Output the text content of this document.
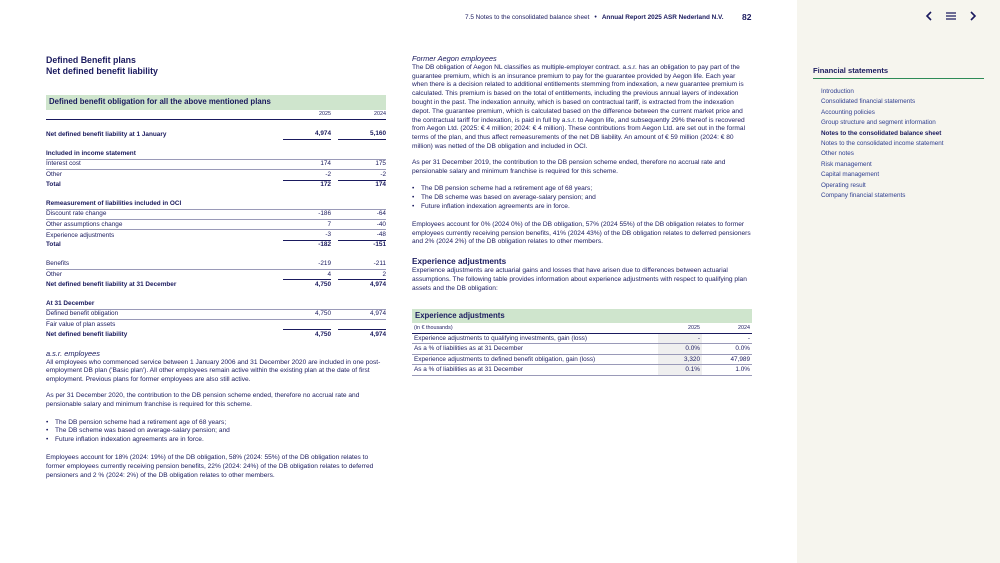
7.5 Notes to the consolidated balance sheet • Annual Report 2025 ASR Nederland N.V. 82
Defined Benefit plans
Net defined benefit liability
Defined benefit obligation for all the above mentioned plans
	2025		2024

Net defined benefit liability at 1 January	4,974		5,160

Included in income statement			
Interest cost	174		175
Other	-2		-2
Total	172		174

Remeasurement of liabilities included in OCI			
Discount rate change	-186		-64
Other assumptions change	7		-40
Experience adjustments	-3		-48
Total	-182		-151

Benefits	-219		-211
Other	4		2
Net defined benefit liability at 31 December	4,750		4,974

At 31 December			
Defined benefit obligation	4,750		4,974
Fair value of plan assets			
Net defined benefit liability	4,750		4,974
a.s.r. employees

All employees who commenced service between 1 January 2006 and 31 December 2020 are included in one post-employment DB plan ('Basic plan'). All other employees remain active within the existing plan at the date of first employment. Previous plans for former employees are also still active.

As per 31 December 2020, the contribution to the DB pension scheme ended, therefore no accrual rate and pensionable salary and minimum franchise is required for this scheme.

• The DB pension scheme had a retirement age of 68 years;
• The DB scheme was based on average-salary pension; and
• Future inflation indexation agreements are in force.

Employees account for 18% (2024: 19%) of the DB obligation, 58% (2024: 55%) of the DB obligation relates to former employees currently receiving pension benefits, 22% (2024: 24%) of the DB obligation relates to deferred pensioners and 2 % (2024: 2%) of the DB obligation relates to other members.

Former Aegon employees

The DB obligation of Aegon NL classifies as multiple-employer contract. a.s.r. has an obligation to pay part of the guarantee premium, which is an insurance premium to pay for the guarantee provided by Aegon life. Each year when there is a decision related to additional entitlements stemming from indexation, a new guarantee premium is calculated. This premium is based on the total of entitlements, including the previous annual layers of indexation bought in the past. The indexation annuity, which is based on contractual tariff, is extracted from the indexation depot. The guarantee premium, which is calculated based on the difference between the current market price and the contractual tariff for indexation, is paid in full by a.s.r. to Aegon life, and subsequently 29% thereof is recovered from Aegon Ltd. (2025: € 4 million; 2024: € 4 million). These contributions from Aegon Ltd. are set out in the formal terms of the plan, and thus affect remeasurements of the net DB liability. An amount of € 59 million (2024: € 80 million) was netted of the DB obligation and included in OCI.

As per 31 December 2019, the contribution to the DB pension scheme ended, therefore no accrual rate and pensionable salary and minimum franchise is required for this scheme.

• The DB pension scheme had a retirement age of 68 years;
• The DB scheme was based on average-salary pension; and
• Future inflation indexation agreements are in force.

Employees account for 0% (2024 0%) of the DB obligation, 57% (2024 55%) of the DB obligation relates to former employees currently receiving pension benefits, 41% (2024 43%) of the DB obligation relates to deferred pensioners and 2% (2024 2%) of the DB obligation relates to other members.

Experience adjustments

Experience adjustments are actuarial gains and losses that have arisen due to differences between actuarial assumptions. The following table provides information about experience adjustments with respect to qualifying plan assets and the DB obligation:

Experience adjustments
(in € thousands)	2025		2024
Experience adjustments to qualifying investments, gain (loss)	-		-
As a % of liabilities as at 31 December	0.0%		0.0%
Experience adjustments to defined benefit obligation, gain (loss)	3,320		47,989
As a % of liabilities as at 31 December	0.1%		1.0%
Financial statements
Introduction
Consolidated financial statements
Accounting policies
Group structure and segment information
Notes to the consolidated balance sheet
Notes to the consolidated income statement
Other notes
Risk management
Capital management
Operating result
Company financial statements
